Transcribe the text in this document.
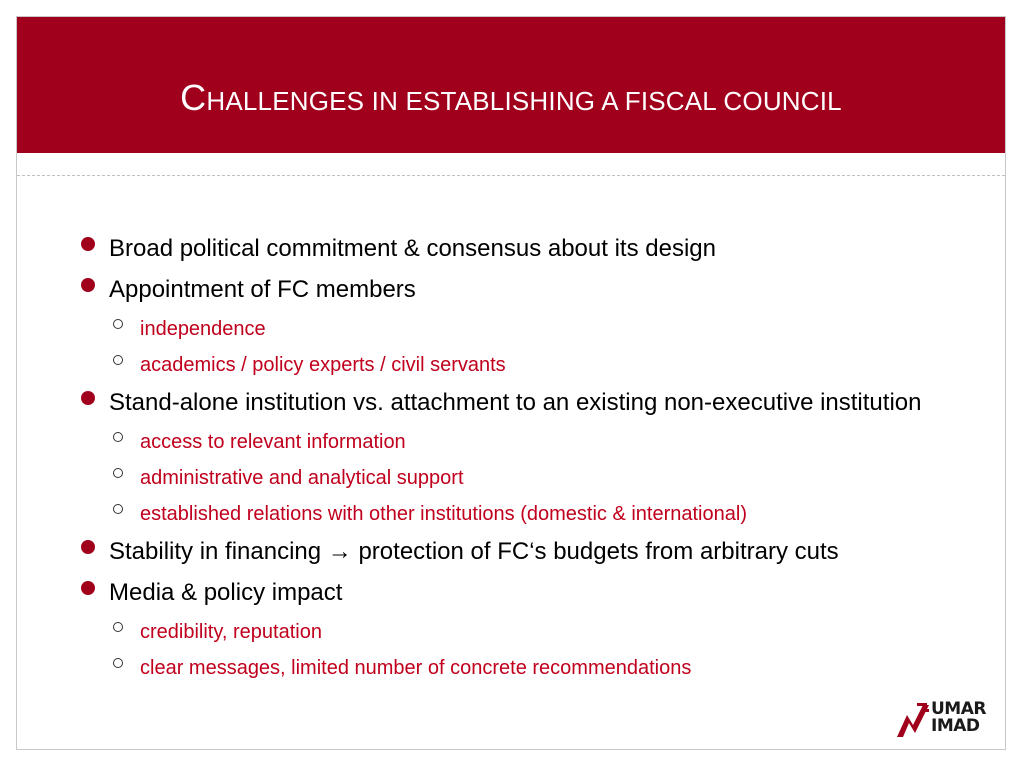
CHALLENGES IN ESTABLISHING A FISCAL COUNCIL
Broad political commitment & consensus about its design
Appointment of FC members
independence
academics / policy experts / civil servants
Stand-alone institution vs. attachment to an existing non-executive institution
access to relevant information
administrative and analytical support
established relations with other institutions (domestic & international)
Stability in financing → protection of FC‘s budgets from arbitrary cuts
Media & policy impact
credibility, reputation
clear messages, limited number of concrete recommendations
UMAR
IMAD
